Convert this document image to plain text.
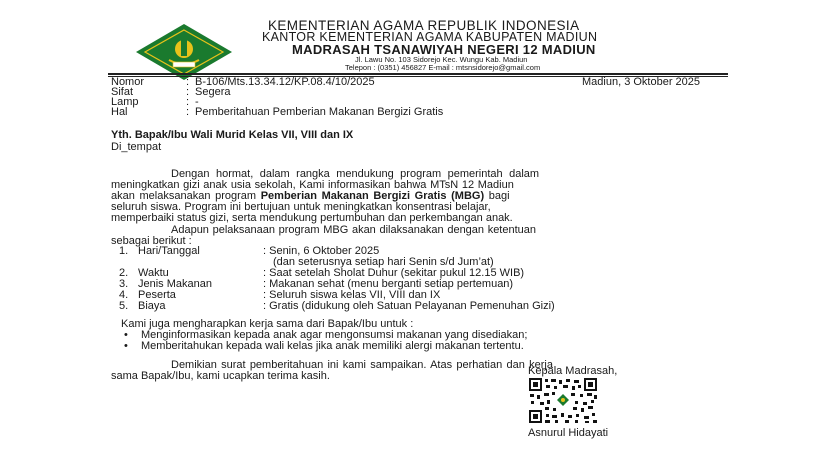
KEMENTERIAN AGAMA REPUBLIK INDONESIA
KANTOR KEMENTERIAN AGAMA KABUPATEN MADIUN
MADRASAH TSANAWIYAH NEGERI 12 MADIUN
Jl. Lawu No. 103 Sidorejo Kec. Wungu Kab. Madiun
Telepon : (0351) 456827 E-mail : mtsnsidorejo@gmail.com
Nomor	: B-106/Mts.13.34.12/KP.08.4/10/2025	Madiun, 3 Oktober 2025
Sifat	: Segera
Lamp	: -
Hal	: Pemberitahuan Pemberian Makanan Bergizi Gratis
Yth. Bapak/Ibu Wali Murid Kelas VII, VIII dan IX
Di_tempat
Dengan hormat, dalam rangka mendukung program pemerintah dalam
meningkatkan gizi anak usia sekolah, Kami informasikan bahwa MTsN 12 Madiun
akan melaksanakan program Pemberian Makanan Bergizi Gratis (MBG) bagi
seluruh siswa. Program ini bertujuan untuk meningkatkan konsentrasi belajar,
memperbaiki status gizi, serta mendukung pertumbuhan dan perkembangan anak.
Adapun pelaksanaan program MBG akan dilaksanakan dengan ketentuan
sebagai berikut :
1. Hari/Tanggal	: Senin, 6 Oktober 2025
(dan seterusnya setiap hari Senin s/d Jum’at)
2. Waktu	: Saat setelah Sholat Duhur (sekitar pukul 12.15 WIB)
3. Jenis Makanan	: Makanan sehat (menu berganti setiap pertemuan)
4. Peserta	: Seluruh siswa kelas VII, VIII dan IX
5. Biaya	: Gratis (didukung oleh Satuan Pelayanan Pemenuhan Gizi)
Kami juga mengharapkan kerja sama dari Bapak/Ibu untuk :
• Menginformasikan kepada anak agar mengonsumsi makanan yang disediakan;
• Memberitahukan kepada wali kelas jika anak memiliki alergi makanan tertentu.
Demikian surat pemberitahuan ini kami sampaikan. Atas perhatian dan kerja
sama Bapak/Ibu, kami ucapkan terima kasih.	Kepala Madrasah,
Asnurul Hidayati
